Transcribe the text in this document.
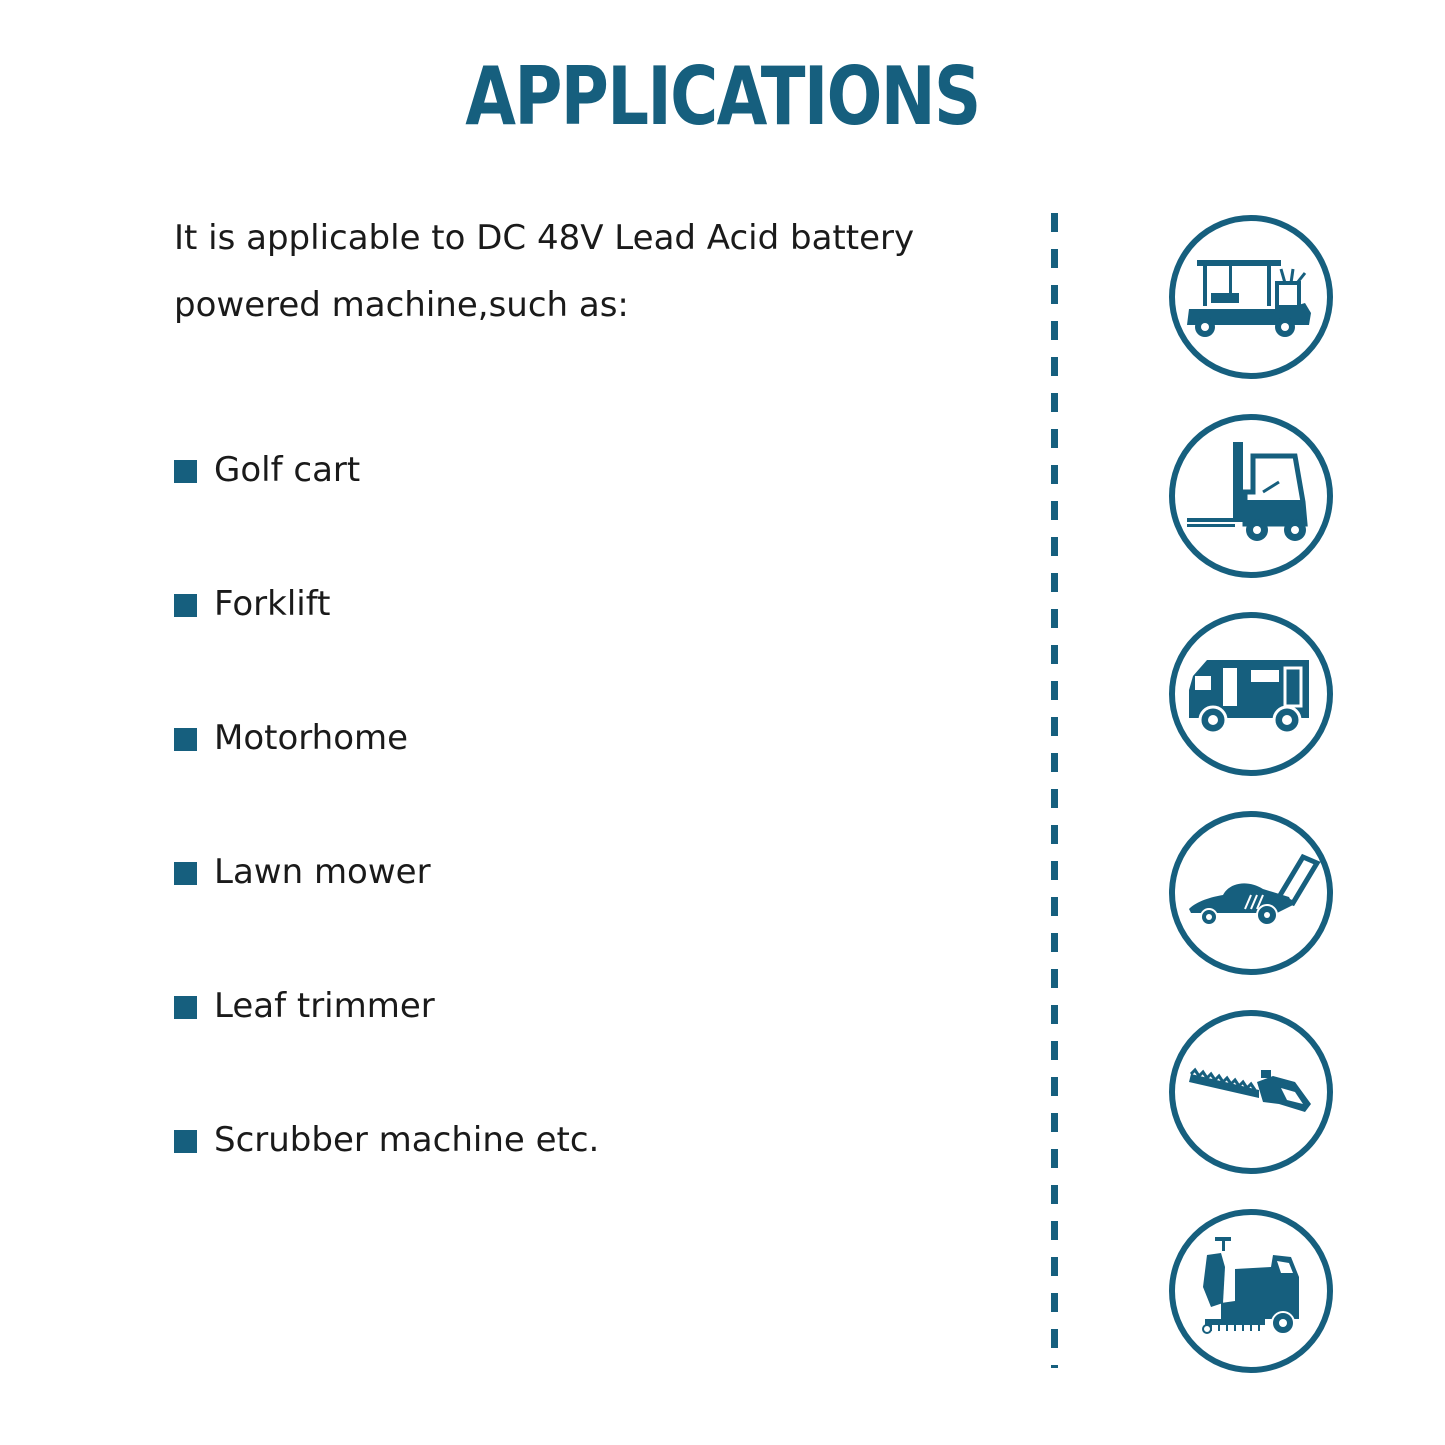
APPLICATIONS

It is applicable to DC 48V Lead Acid battery powered machine,such as:

Golf cart
Forklift
Motorhome
Lawn mower
Leaf trimmer
Scrubber machine etc.
